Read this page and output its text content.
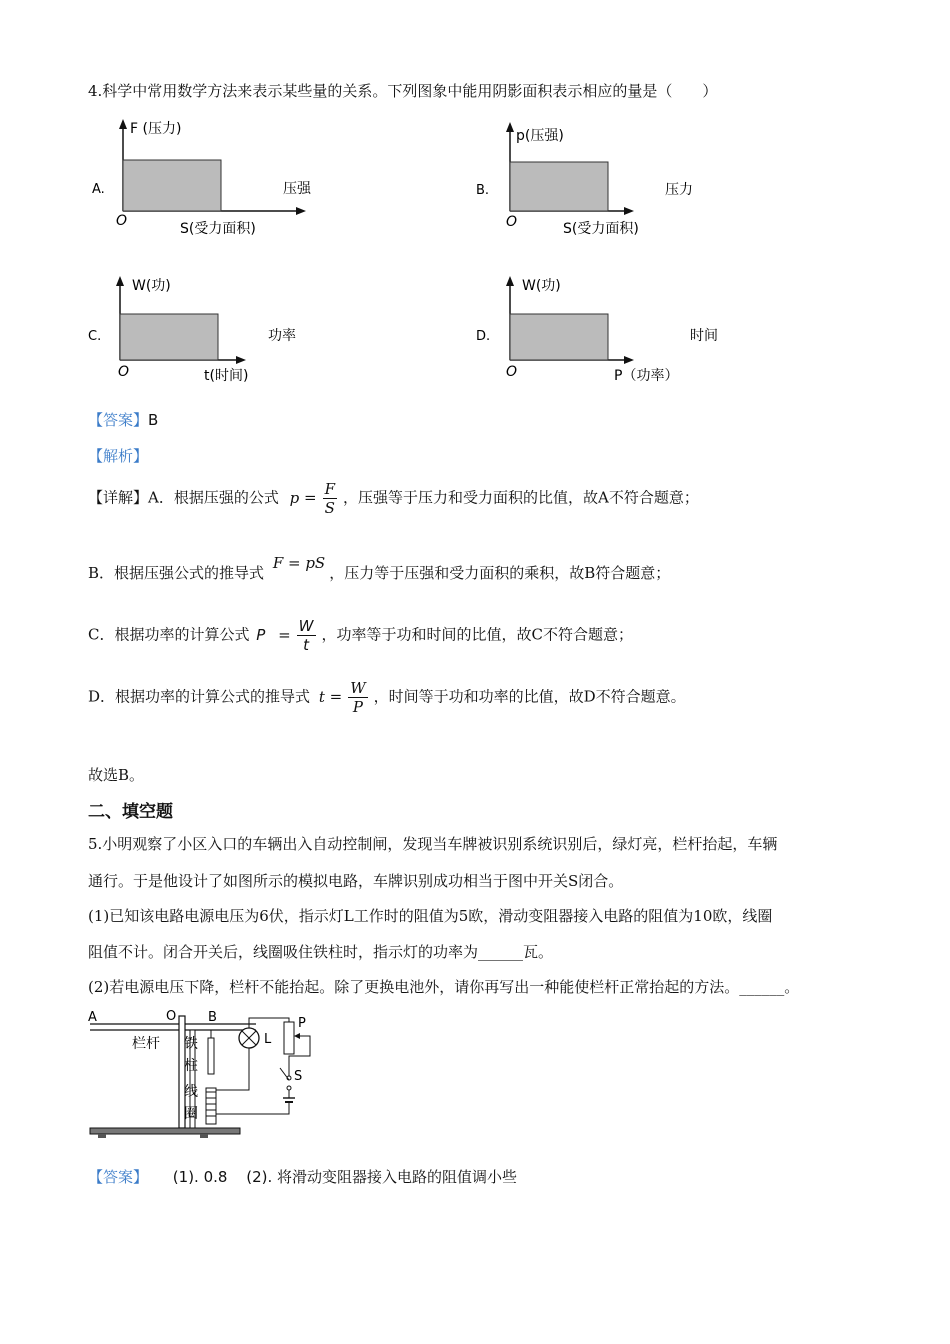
4.科学中常用数学方法来表示某些量的关系。下列图象中能用阴影面积表示相应的量是（　　）
A.
F (压力)
O	S(受力面积)
压强	B.
p(压强)
O	S(受力面积)
压力
C.
W(功)
O	t(时间)
功率	D.
W(功)
O	P（功率）
时间
【答案】B
【解析】
【详解】A．根据压强的公式 $p = \frac{F}{S}$ ，压强等于压力和受力面积的比值，故A不符合题意；
B．根据压强公式的推导式 F = pS，压力等于压强和受力面积的乘积，故B符合题意；
C．根据功率的计算公式 $P = \frac{W}{t}$ ，功率等于功和时间的比值，故C不符合题意；
D．根据功率的计算公式的推导式 $t = \frac{W}{P}$ ，时间等于功和功率的比值，故D不符合题意。
故选B。
二、填空题
5.小明观察了小区入口的车辆出入自动控制闸，发现当车牌被识别系统识别后，绿灯亮，栏杆抬起，车辆
通行。于是他设计了如图所示的模拟电路，车牌识别成功相当于图中开关S闭合。
(1)已知该电路电源电压为6伏，指示灯L工作时的阻值为5欧，滑动变阻器接入电路的阻值为10欧，线圈
阻值不计。闭合开关后，线圈吸住铁柱时，指示灯的功率为______瓦。
(2)若电源电压下降，栏杆不能抬起。除了更换电池外，请你再写出一种能使栏杆正常抬起的方法。______。
A	O B
栏杆 铁
柱
线
圈
L
P
S
【答案】 (1). 0.8 (2). 将滑动变阻器接入电路的阻值调小些
